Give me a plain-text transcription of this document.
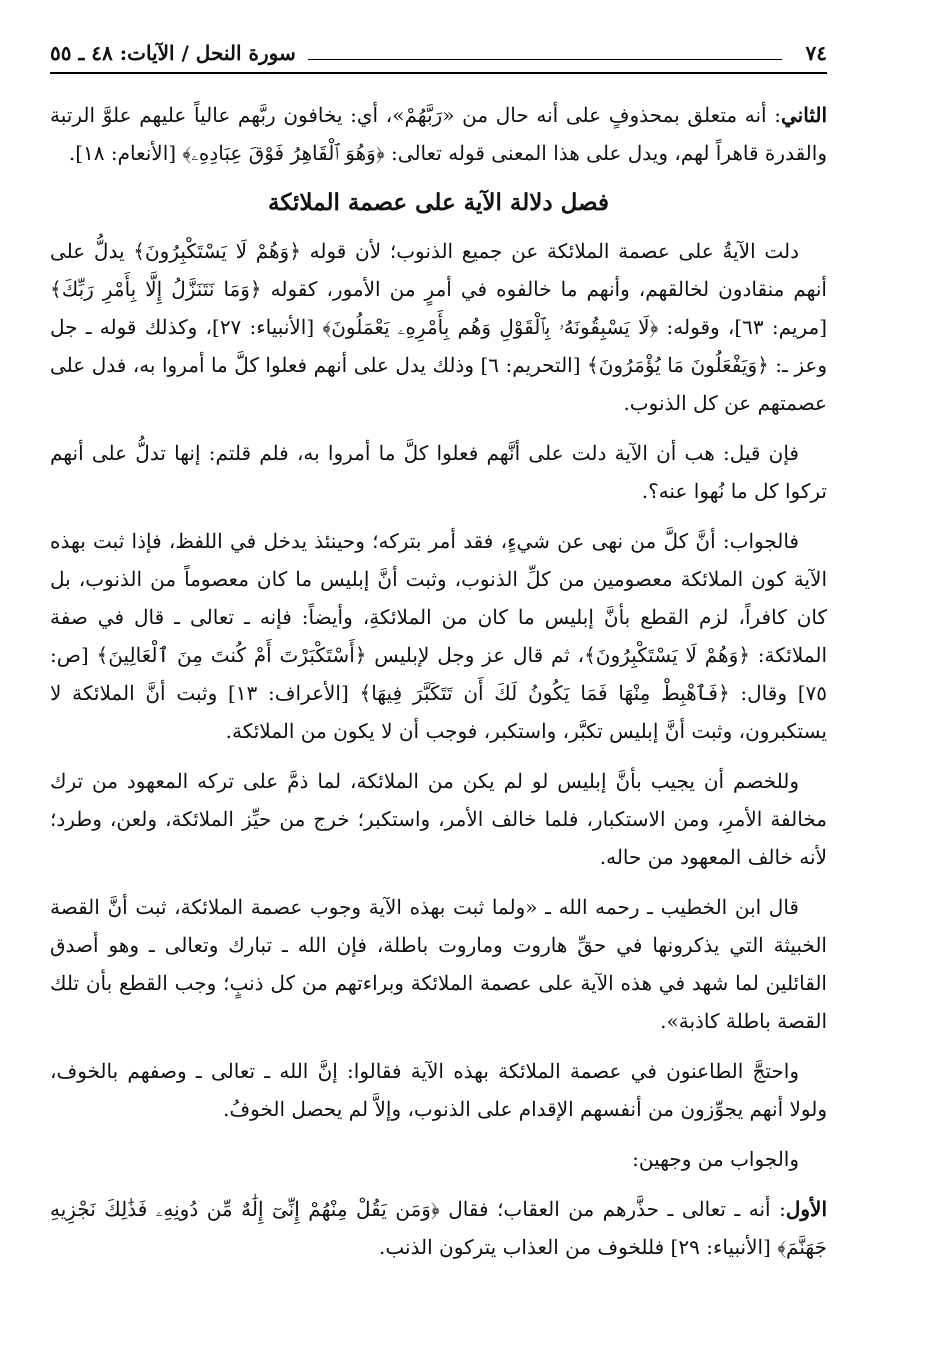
٧٤
سورة النحل / الآيات: ٤٨ ـ ٥٥

الثاني: أنه متعلق بمحذوفٍ على أنه حال من «رَبَّهُمْ»، أي: يخافون ربَّهم عالياً عليهم علوَّ الرتبة والقدرة قاهراً لهم، ويدل على هذا المعنى قوله تعالى: ﴿وَهُوَ ٱلْقَاهِرُ فَوْقَ عِبَادِهِۦ﴾ [الأنعام: ١٨].

فصل دلالة الآية على عصمة الملائكة

دلت الآيةُ على عصمة الملائكة عن جميع الذنوب؛ لأن قوله ﴿وَهُمْ لَا يَسْتَكْبِرُونَ﴾ يدلُّ على أنهم منقادون لخالقهم، وأنهم ما خالفوه في أمرٍ من الأمور، كقوله ﴿وَمَا نَتَنَزَّلُ إِلَّا بِأَمْرِ رَبِّكَ﴾ [مريم: ٦٣]، وقوله: ﴿لَا يَسْبِقُونَهُۥ بِٱلْقَوْلِ وَهُم بِأَمْرِهِۦ يَعْمَلُونَ﴾ [الأنبياء: ٢٧]، وكذلك قوله ـ جل وعز ـ: ﴿وَيَفْعَلُونَ مَا يُؤْمَرُونَ﴾ [التحريم: ٦] وذلك يدل على أنهم فعلوا كلَّ ما أمروا به، فدل على عصمتهم عن كل الذنوب.

فإن قيل: هب أن الآية دلت على أنَّهم فعلوا كلَّ ما أمروا به، فلم قلتم: إنها تدلُّ على أنهم تركوا كل ما نُهوا عنه؟.

فالجواب: أنَّ كلَّ من نهى عن شيءٍ، فقد أمر بتركه؛ وحينئذ يدخل في اللفظ، فإذا ثبت بهذه الآية كون الملائكة معصومين من كلِّ الذنوب، وثبت أنَّ إبليس ما كان معصوماً من الذنوب، بل كان كافراً، لزم القطع بأنَّ إبليس ما كان من الملائكةِ، وأيضاً: فإنه ـ تعالى ـ قال في صفة الملائكة: ﴿وَهُمْ لَا يَسْتَكْبِرُونَ﴾، ثم قال عز وجل لإبليس ﴿أَسْتَكْبَرْتَ أَمْ كُنتَ مِنَ ٱلْعَالِينَ﴾ [ص: ٧٥] وقال: ﴿فَٱهْبِطْ مِنْهَا فَمَا يَكُونُ لَكَ أَن تَتَكَبَّرَ فِيهَا﴾ [الأعراف: ١٣] وثبت أنَّ الملائكة لا يستكبرون، وثبت أنَّ إبليس تكبَّر، واستكبر، فوجب أن لا يكون من الملائكة.

وللخصم أن يجيب بأنَّ إبليس لو لم يكن من الملائكة، لما ذمَّ على تركه المعهود من ترك مخالفة الأمرِ، ومن الاستكبار، فلما خالف الأمر، واستكبر؛ خرج من حيِّز الملائكة، ولعن، وطرد؛ لأنه خالف المعهود من حاله.

قال ابن الخطيب ـ رحمه الله ـ «ولما ثبت بهذه الآية وجوب عصمة الملائكة، ثبت أنَّ القصة الخبيثة التي يذكرونها في حقِّ هاروت وماروت باطلة، فإن الله ـ تبارك وتعالى ـ وهو أصدق القائلين لما شهد في هذه الآية على عصمة الملائكة وبراءتهم من كل ذنبٍ؛ وجب القطع بأن تلك القصة باطلة كاذبة».

واحتجَّ الطاعنون في عصمة الملائكة بهذه الآية فقالوا: إنَّ الله ـ تعالى ـ وصفهم بالخوف، ولولا أنهم يجوِّزون من أنفسهم الإقدام على الذنوب، وإلاَّ لم يحصل الخوفُ.

والجواب من وجهين:

الأول: أنه ـ تعالى ـ حذَّرهم من العقاب؛ فقال ﴿وَمَن يَقُلْ مِنْهُمْ إِنِّىٓ إِلَٰهٌ مِّن دُونِهِۦ فَذَٰلِكَ نَجْزِيهِ جَهَنَّمَ﴾ [الأنبياء: ٢٩] فللخوف من العذاب يتركون الذنب.
